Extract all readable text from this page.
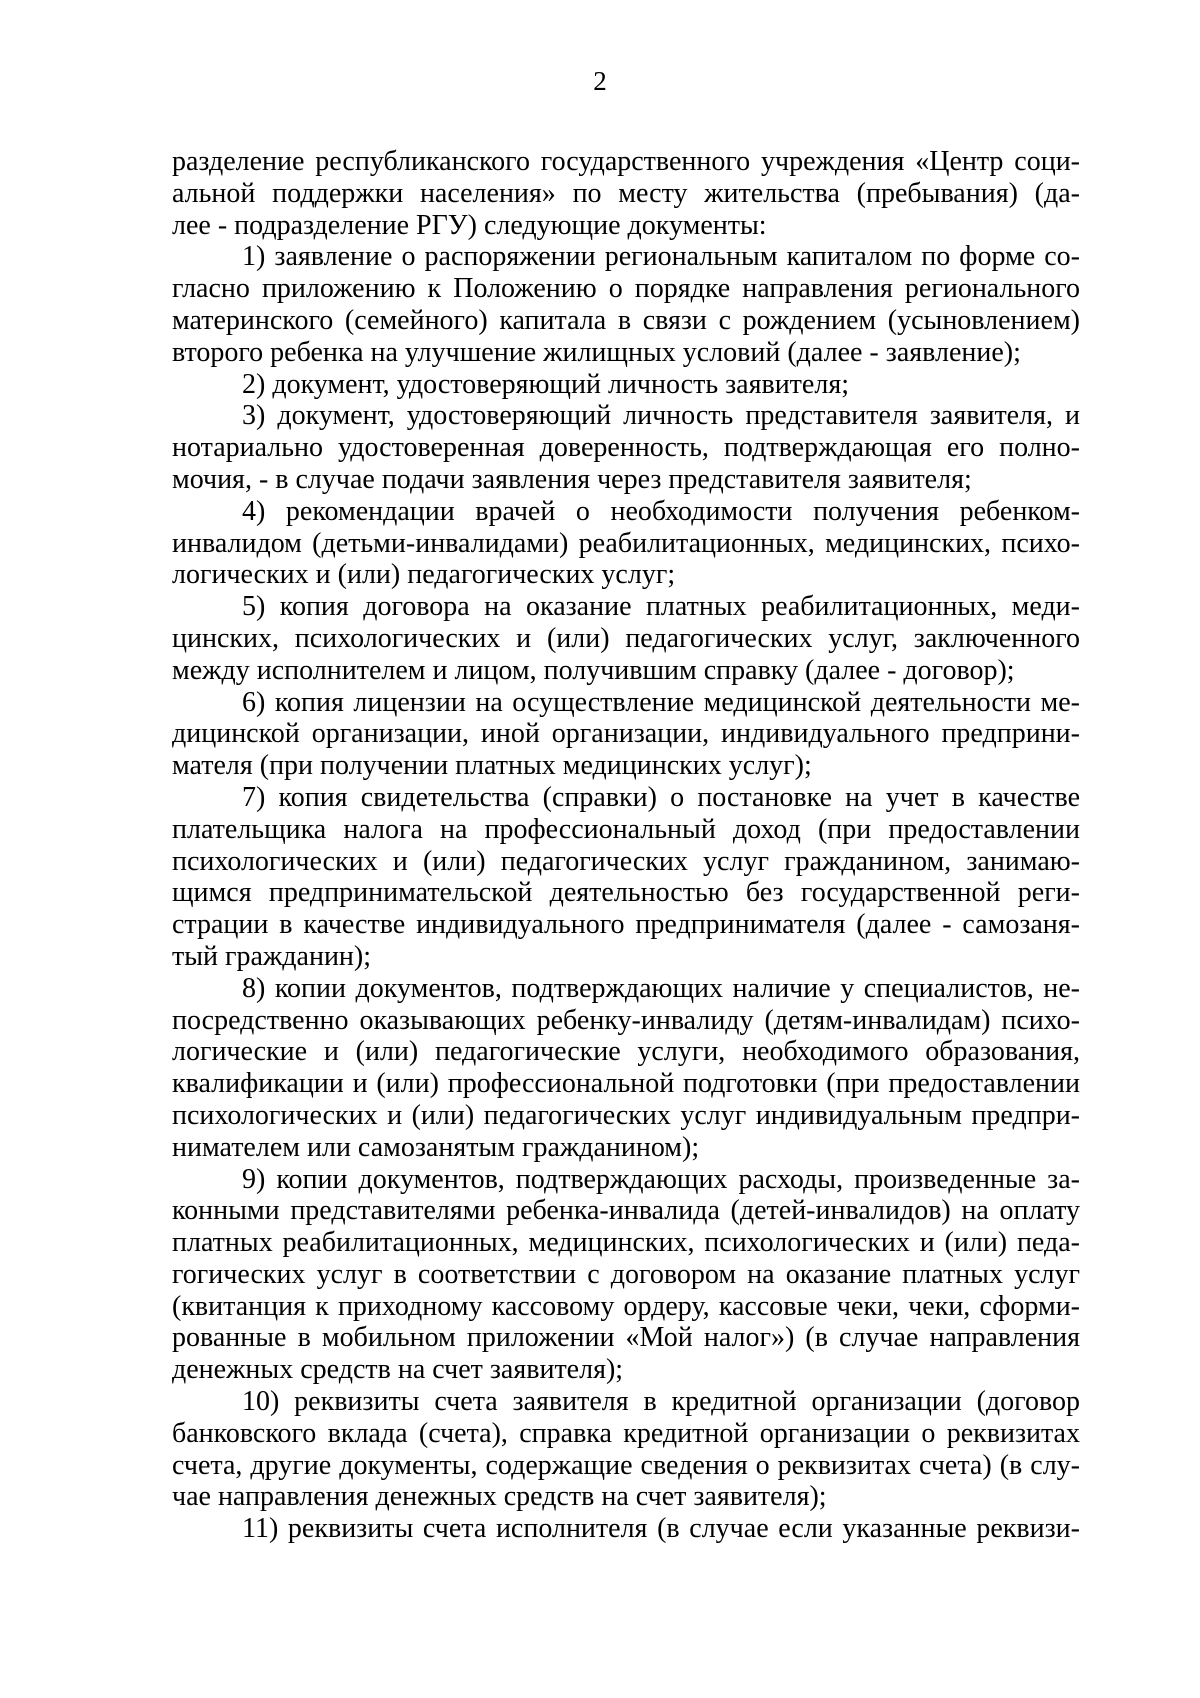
2
разделение республиканского государственного учреждения «Центр соци-
альной поддержки населения» по месту жительства (пребывания) (да-
лее - подразделение РГУ) следующие документы:
1) заявление о распоряжении региональным капиталом по форме со-
гласно приложению к Положению о порядке направления регионального
материнского (семейного) капитала в связи с рождением (усыновлением)
второго ребенка на улучшение жилищных условий (далее - заявление);
2) документ, удостоверяющий личность заявителя;
3) документ, удостоверяющий личность представителя заявителя, и
нотариально удостоверенная доверенность, подтверждающая его полно-
мочия, - в случае подачи заявления через представителя заявителя;
4) рекомендации врачей о необходимости получения ребенком-
инвалидом (детьми-инвалидами) реабилитационных, медицинских, психо-
логических и (или) педагогических услуг;
5) копия договора на оказание платных реабилитационных, меди-
цинских, психологических и (или) педагогических услуг, заключенного
между исполнителем и лицом, получившим справку (далее - договор);
6) копия лицензии на осуществление медицинской деятельности ме-
дицинской организации, иной организации, индивидуального предприни-
мателя (при получении платных медицинских услуг);
7) копия свидетельства (справки) о постановке на учет в качестве
плательщика налога на профессиональный доход (при предоставлении
психологических и (или) педагогических услуг гражданином, занимаю-
щимся предпринимательской деятельностью без государственной реги-
страции в качестве индивидуального предпринимателя (далее - самозаня-
тый гражданин);
8) копии документов, подтверждающих наличие у специалистов, не-
посредственно оказывающих ребенку-инвалиду (детям-инвалидам) психо-
логические и (или) педагогические услуги, необходимого образования,
квалификации и (или) профессиональной подготовки (при предоставлении
психологических и (или) педагогических услуг индивидуальным предпри-
нимателем или самозанятым гражданином);
9) копии документов, подтверждающих расходы, произведенные за-
конными представителями ребенка-инвалида (детей-инвалидов) на оплату
платных реабилитационных, медицинских, психологических и (или) педа-
гогических услуг в соответствии с договором на оказание платных услуг
(квитанция к приходному кассовому ордеру, кассовые чеки, чеки, сформи-
рованные в мобильном приложении «Мой налог») (в случае направления
денежных средств на счет заявителя);
10) реквизиты счета заявителя в кредитной организации (договор
банковского вклада (счета), справка кредитной организации о реквизитах
счета, другие документы, содержащие сведения о реквизитах счета) (в слу-
чае направления денежных средств на счет заявителя);
11) реквизиты счета исполнителя (в случае если указанные реквизи-
